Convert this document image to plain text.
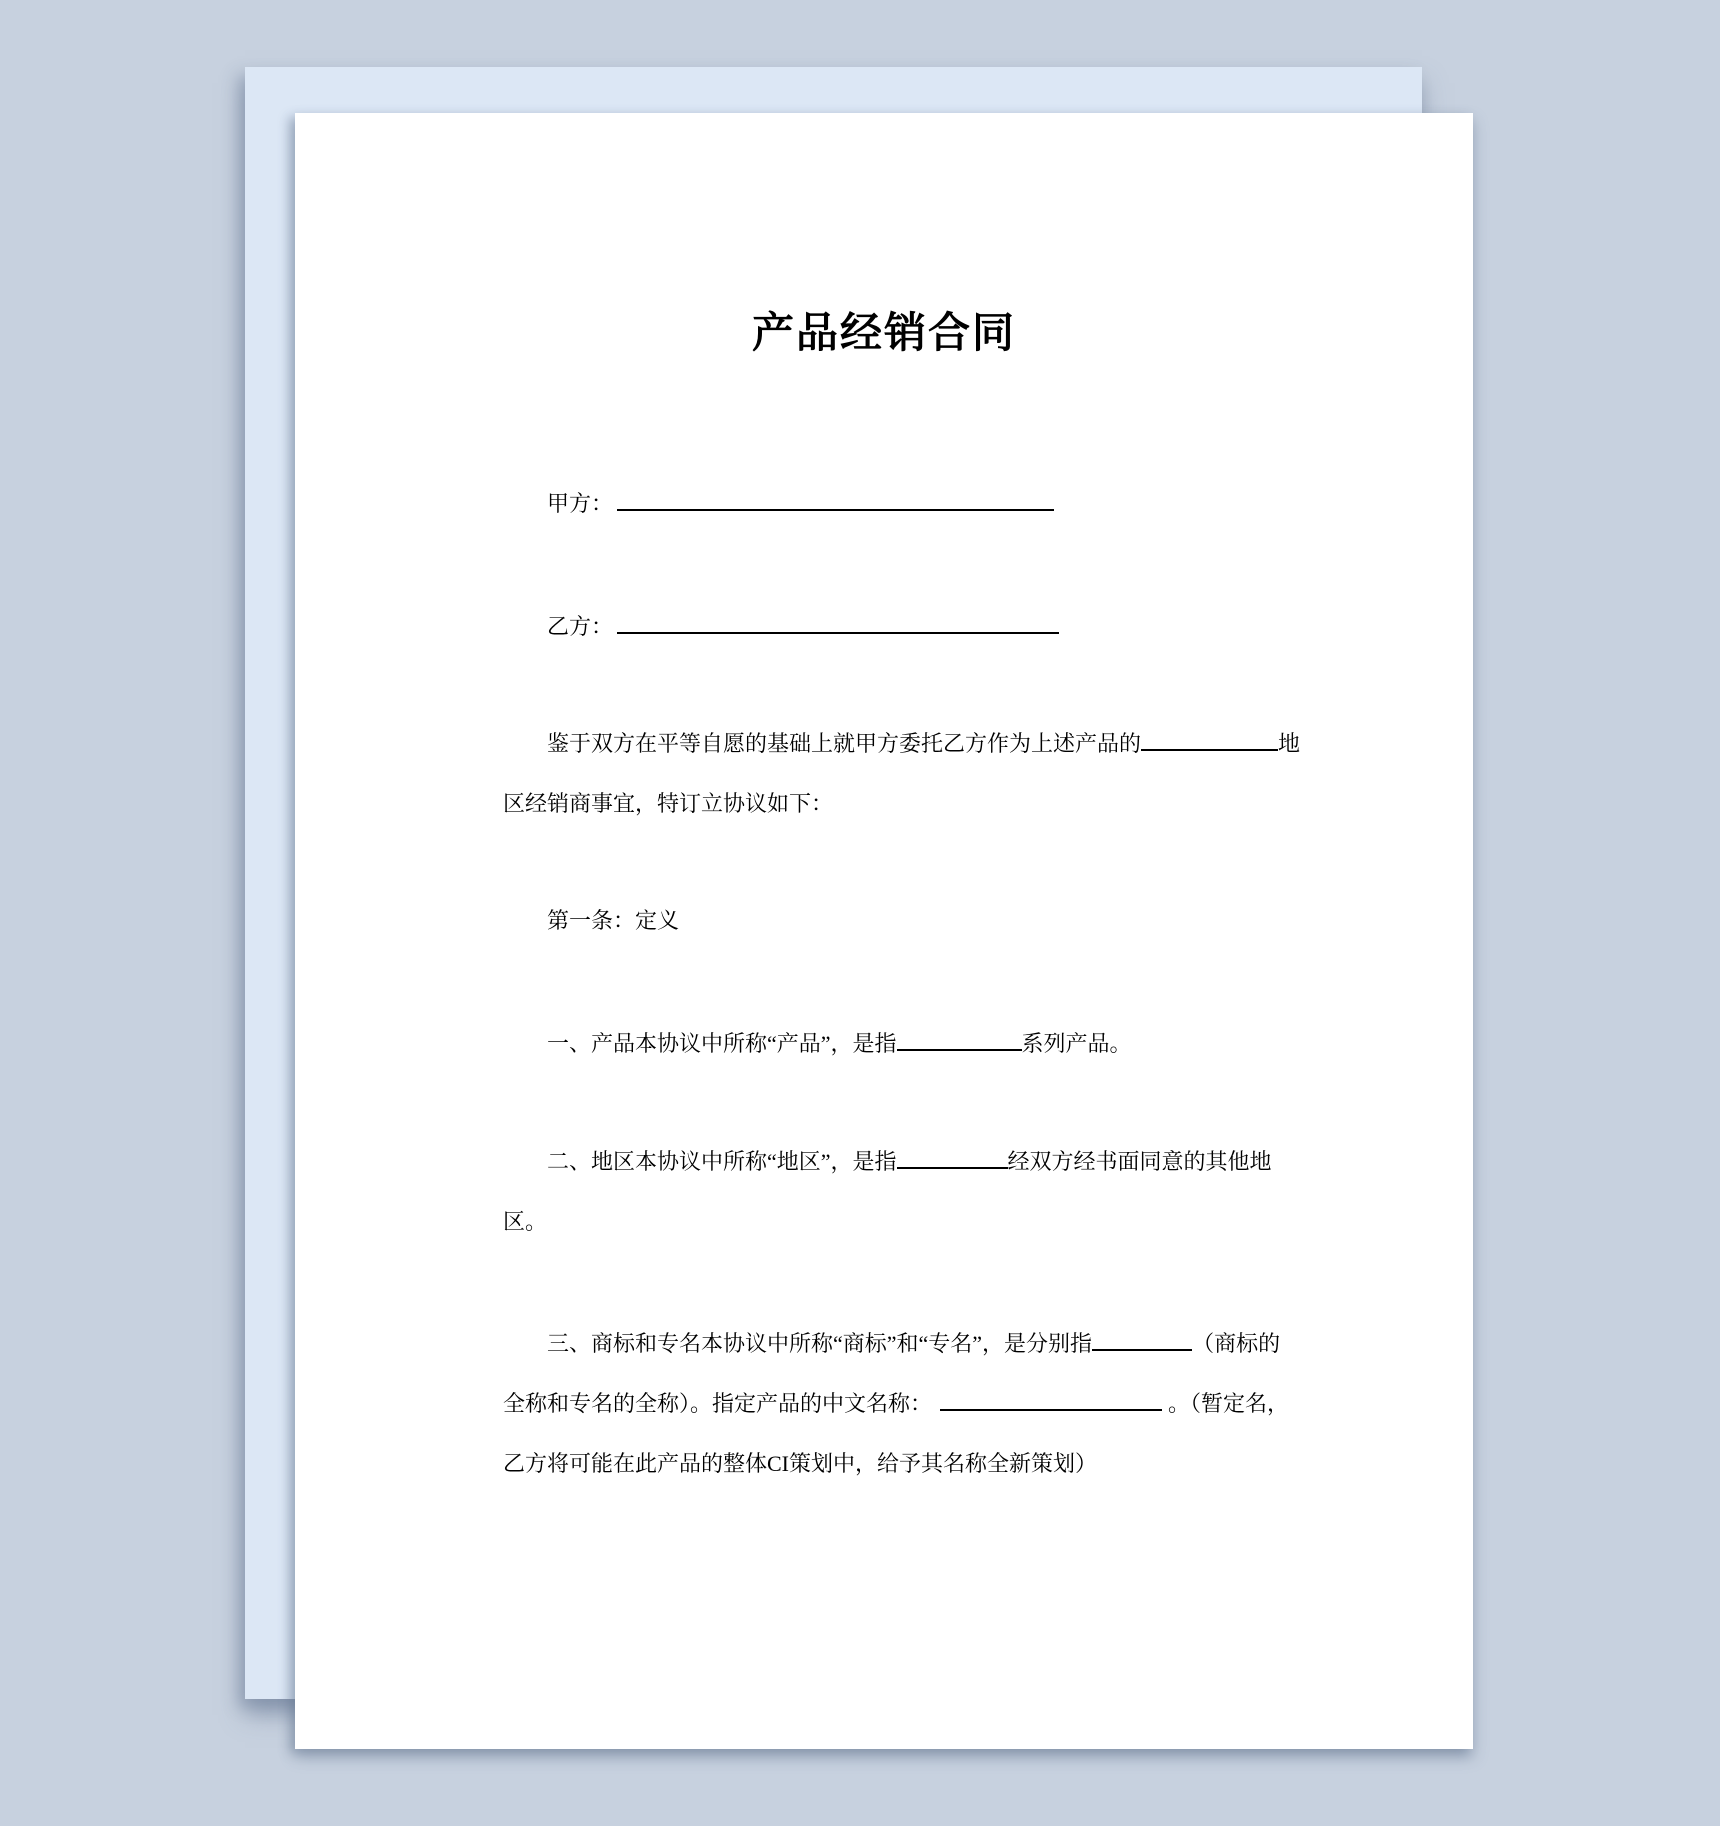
产品经销合同
甲方：
乙方：
鉴于双方在平等自愿的基础上就甲方委托乙方作为上述产品的	地
区经销商事宜，特订立协议如下：
第一条：定义
一、产品本协议中所称“产品”，是指	系列产品。
二、地区本协议中所称“地区”，是指	经双方经书面同意的其他地
区。
三、商标和专名本协议中所称“商标”和“专名”，是分别指	（商标的
全称和专名的全称）。指定产品的中文名称：	。（暂定名，
乙方将可能在此产品的整体CI策划中，给予其名称全新策划）
